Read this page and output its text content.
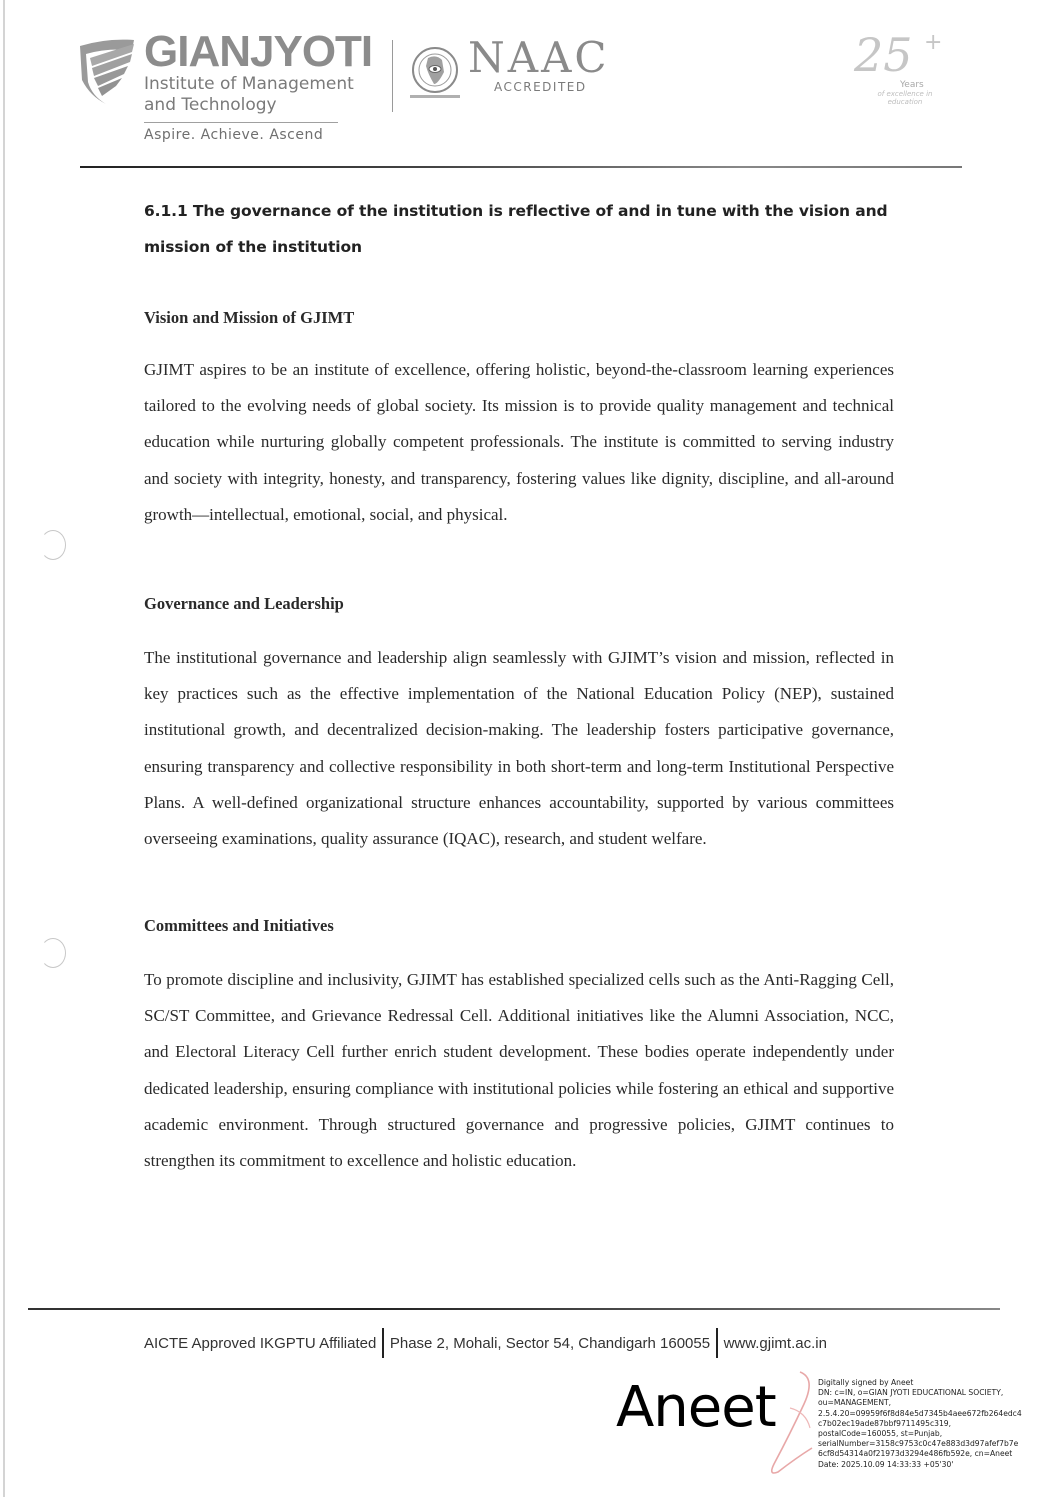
GIANJYOTI
Institute of Management
and Technology
Aspire. Achieve. Ascend
NAAC
ACCREDITED
25 +
Years
of excellence in education
6.1.1 The governance of the institution is reflective of and in tune with the vision and mission of the institution
Vision and Mission of GJIMT

GJIMT aspires to be an institute of excellence, offering holistic, beyond-the-classroom learning experiences tailored to the evolving needs of global society. Its mission is to provide quality management and technical education while nurturing globally competent professionals. The institute is committed to serving industry and society with integrity, honesty, and transparency, fostering values like dignity, discipline, and all-around growth—intellectual, emotional, social, and physical.

Governance and Leadership

The institutional governance and leadership align seamlessly with GJIMT’s vision and mission, reflected in key practices such as the effective implementation of the National Education Policy (NEP), sustained institutional growth, and decentralized decision-making. The leadership fosters participative governance, ensuring transparency and collective responsibility in both short-term and long-term Institutional Perspective Plans. A well-defined organizational structure enhances accountability, supported by various committees overseeing examinations, quality assurance (IQAC), research, and student welfare.

Committees and Initiatives

To promote discipline and inclusivity, GJIMT has established specialized cells such as the Anti-Ragging Cell, SC/ST Committee, and Grievance Redressal Cell. Additional initiatives like the Alumni Association, NCC, and Electoral Literacy Cell further enrich student development. These bodies operate independently under dedicated leadership, ensuring compliance with institutional policies while fostering an ethical and supportive academic environment. Through structured governance and progressive policies, GJIMT continues to strengthen its commitment to excellence and holistic education.

AICTE Approved IKGPTU Affiliated Phase 2, Mohali, Sector 54, Chandigarh 160055 www.gjimt.ac.in
Aneet	Digitally signed by Aneet
DN: c=IN, o=GIAN JYOTI EDUCATIONAL SOCIETY,
ou=MANAGEMENT,
2.5.4.20=09959f6f8d84e5d7345b4aee672fb264edc4
c7b02ec19ade87bbf9711495c319,
postalCode=160055, st=Punjab,
serialNumber=3158c9753c0c47e883d3d97afef7b7e
6cf8d54314a0f21973d3294e486fb592e, cn=Aneet
Date: 2025.10.09 14:33:33 +05'30'
